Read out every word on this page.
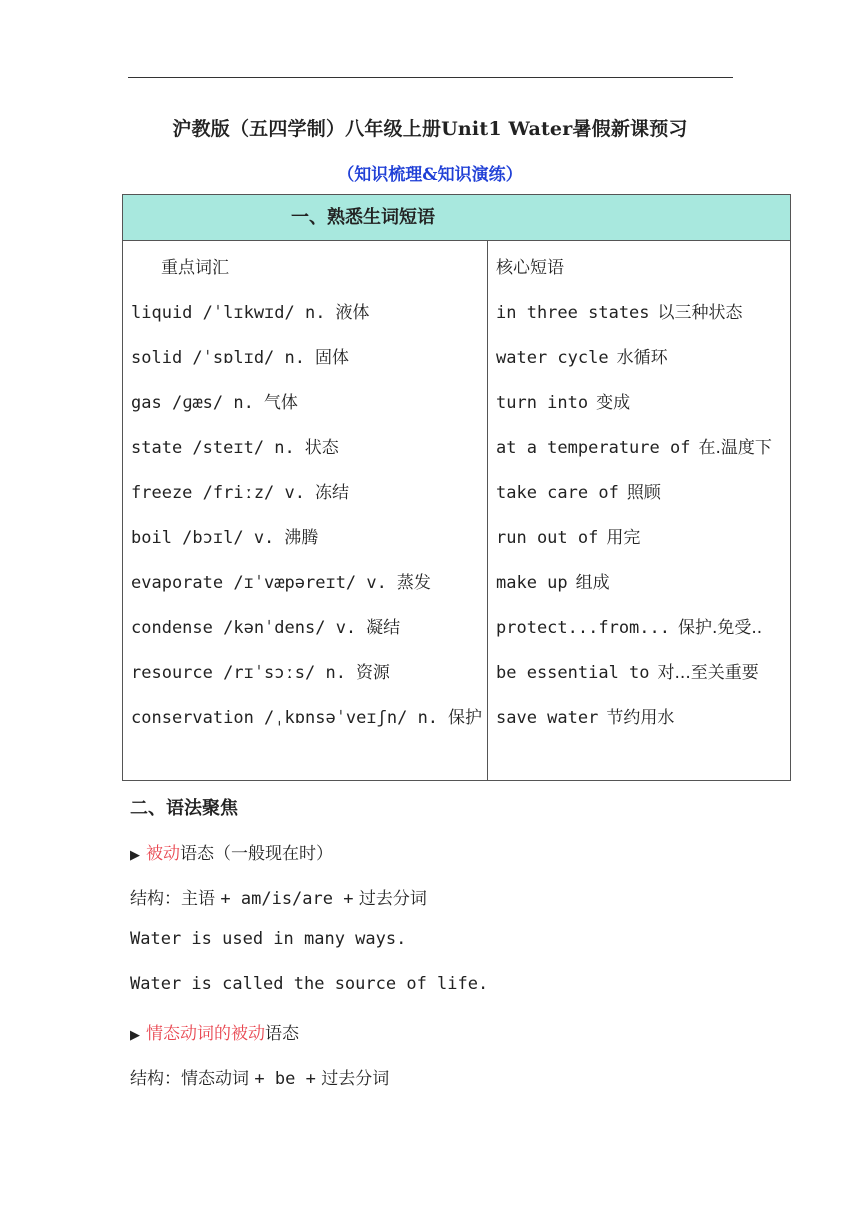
沪教版（五四学制）八年级上册Unit1 Water暑假新课预习
（知识梳理&知识演练）
一、熟悉生词短语
重点词汇
liquid /ˈlɪkwɪd/ n. 液体
solid /ˈsɒlɪd/ n. 固体
gas /ɡæs/ n. 气体
state /steɪt/ n. 状态
freeze /friːz/ v. 冻结
boil /bɔɪl/ v. 沸腾
evaporate /ɪˈvæpəreɪt/ v. 蒸发
condense /kənˈdens/ v. 凝结
resource /rɪˈsɔːs/ n. 资源
conservation /ˌkɒnsəˈveɪʃn/ n. 保护
核心短语
in three states 以三种状态
water cycle 水循环
turn into 变成
at a temperature of 在.温度下
take care of 照顾
run out of 用完
make up 组成
protect...from... 保护.免受..
be essential to 对...至关重要
save water 节约用水
二、语法聚焦
▶ 被动语态（一般现在时）
结构：主语 + am/is/are + 过去分词
Water is used in many ways.
Water is called the source of life.
▶ 情态动词的被动语态
结构：情态动词 + be + 过去分词
